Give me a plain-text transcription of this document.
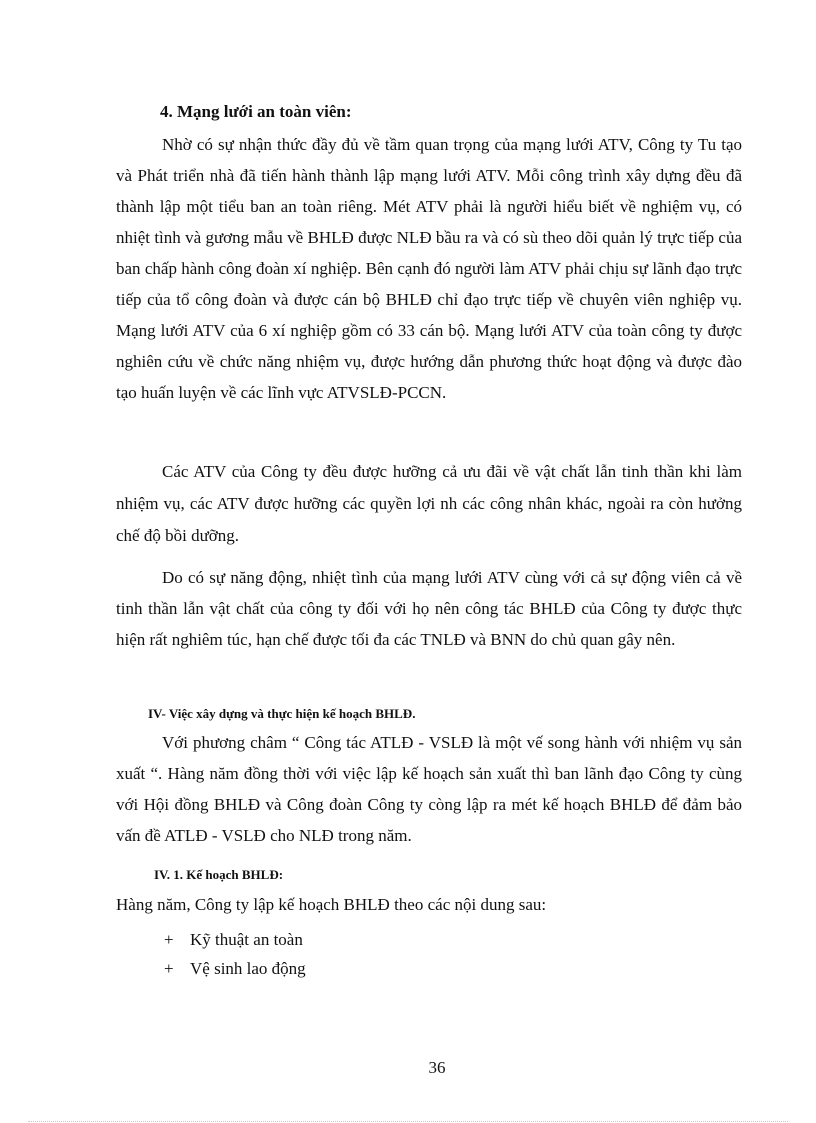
4. Mạng lưới an toàn viên:

Nhờ có sự nhận thức đầy đủ về tầm quan trọng của mạng lưới ATV, Công ty Tu tạo và Phát triển nhà đã tiến hành thành lập mạng lưới ATV. Mỗi công trình xây dựng đều đã thành lập một tiểu ban an toàn riêng. Mét ATV phải là người hiểu biết về nghiệm vụ, có nhiệt tình và gương mẫu về BHLĐ được NLĐ bầu ra và có sù theo dõi quản lý trực tiếp của ban chấp hành công đoàn xí nghiệp. Bên cạnh đó người làm ATV phải chịu sự lãnh đạo trực tiếp của tổ công đoàn và được cán bộ BHLĐ chỉ đạo trực tiếp về chuyên viên nghiệp vụ. Mạng lưới ATV của 6 xí nghiệp gồm có 33 cán bộ. Mạng lưới ATV của toàn công ty được nghiên cứu về chức năng nhiệm vụ, được hướng dẫn phương thức hoạt động và được đào tạo huấn luyện về các lĩnh vực ATVSLĐ-PCCN.

Các ATV của Công ty đều được hưỡng cả ưu đãi về vật chất lẫn tinh thần khi làm nhiệm vụ, các ATV được hưỡng các quyền lợi nh các công nhân khác, ngoài ra còn hưởng chế độ bồi dưỡng.

Do có sự năng động, nhiệt tình của mạng lưới ATV cùng với cả sự động viên cả về tinh thần lẫn vật chất của công ty đối với họ nên công tác BHLĐ của Công ty được thực hiện rất nghiêm túc, hạn chế được tối đa các TNLĐ và BNN do chủ quan gây nên.

IV- Việc xây dựng và thực hiện kế hoạch BHLĐ.

Với phương châm “ Công tác ATLĐ - VSLĐ là một vế song hành với nhiệm vụ sản xuất “. Hàng năm đồng thời với việc lập kế hoạch sản xuất thì ban lãnh đạo Công ty cùng với Hội đồng BHLĐ và Công đoàn Công ty còng lập ra mét kế hoạch BHLĐ để đảm bảo vấn đề ATLĐ - VSLĐ cho NLĐ trong năm.

IV. 1. Kế hoạch BHLĐ:

Hàng năm, Công ty lập kế hoạch BHLĐ theo các nội dung sau:

+ Kỹ thuật an toàn
+ Vệ sinh lao động

36
